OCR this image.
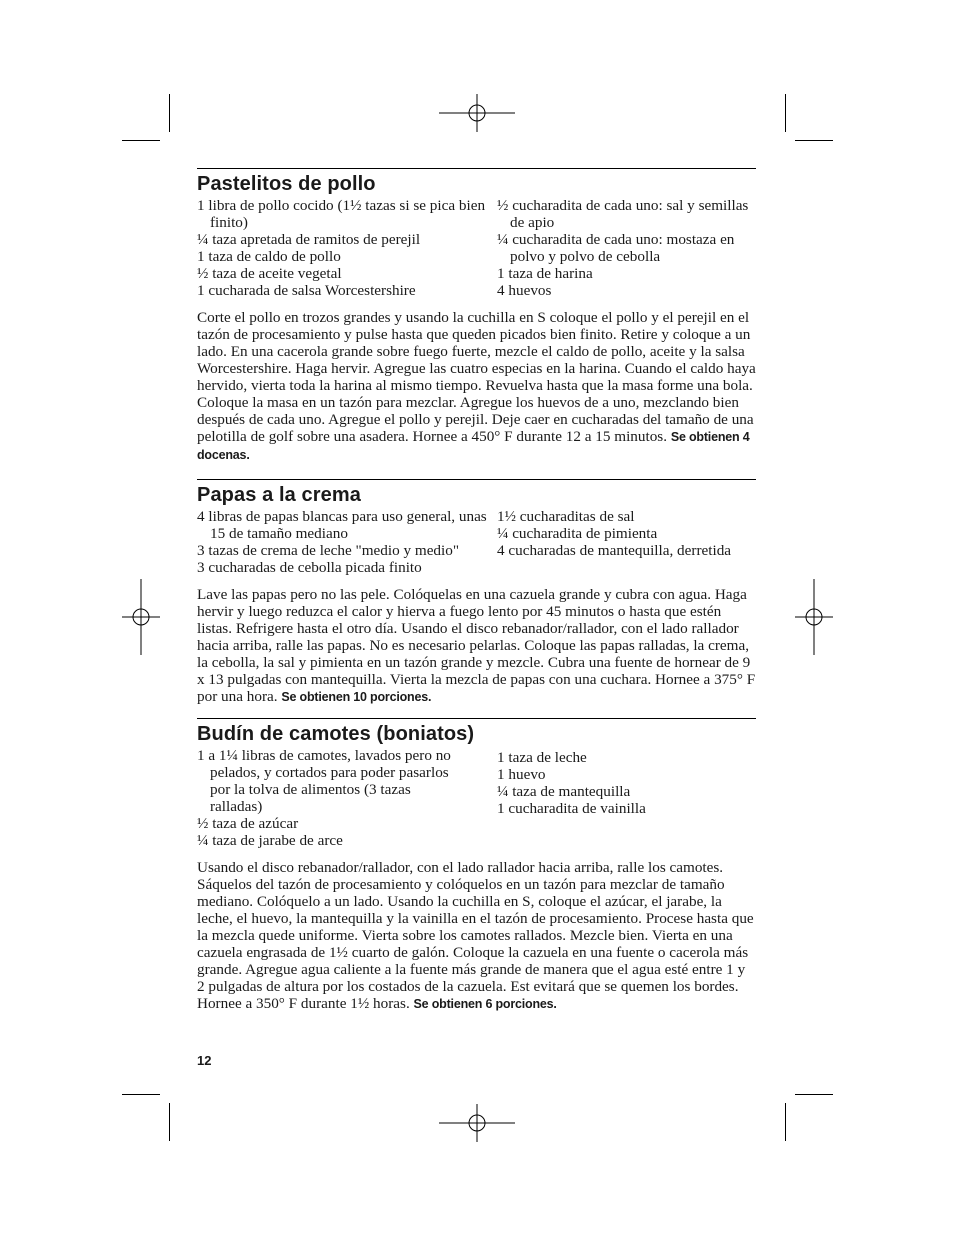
Pastelitos de pollo
1 libra de pollo cocido (1½ tazas si se pica bien finito)
¼ taza apretada de ramitos de perejil
1 taza de caldo de pollo
½ taza de aceite vegetal
1 cucharada de salsa Worcestershire
½ cucharadita de cada uno: sal y semillas de apio
¼ cucharadita de cada uno: mostaza en polvo y polvo de cebolla
1 taza de harina
4 huevos

Corte el pollo en trozos grandes y usando la cuchilla en S coloque el pollo y el perejil en el tazón de procesamiento y pulse hasta que queden picados bien finito. Retire y coloque a un lado. En una cacerola grande sobre fuego fuerte, mezcle el caldo de pollo, aceite y la salsa Worcestershire. Haga hervir. Agregue las cuatro especias en la harina. Cuando el caldo haya hervido, vierta toda la harina al mismo tiempo. Revuelva hasta que la masa forme una bola. Coloque la masa en un tazón para mezclar. Agregue los huevos de a uno, mezclando bien después de cada uno. Agregue el pollo y perejil. Deje caer en cucharadas del tamaño de una pelotilla de golf sobre una asadera. Hornee a 450° F durante 12 a 15 minutos. Se obtienen 4 docenas.

Papas a la crema
4 libras de papas blancas para uso general, unas 15 de tamaño mediano
3 tazas de crema de leche "medio y medio"
3 cucharadas de cebolla picada finito
1½ cucharaditas de sal
¼ cucharadita de pimienta
4 cucharadas de mantequilla, derretida

Lave las papas pero no las pele. Colóquelas en una cazuela grande y cubra con agua. Haga hervir y luego reduzca el calor y hierva a fuego lento por 45 minutos o hasta que estén listas. Refrigere hasta el otro día. Usando el disco rebanador/rallador, con el lado rallador hacia arriba, ralle las papas. No es necesario pelarlas. Coloque las papas ralladas, la crema, la cebolla, la sal y pimienta en un tazón grande y mezcle. Cubra una fuente de hornear de 9 x 13 pulgadas con mantequilla. Vierta la mezcla de papas con una cuchara. Hornee a 375° F por una hora. Se obtienen 10 porciones.

Budín de camotes (boniatos)
1 a 1¼ libras de camotes, lavados pero no pelados, y cortados para poder pasarlos por la tolva de alimentos (3 tazas ralladas)
½ taza de azúcar
¼ taza de jarabe de arce
1 taza de leche
1 huevo
¼ taza de mantequilla
1 cucharadita de vainilla

Usando el disco rebanador/rallador, con el lado rallador hacia arriba, ralle los camotes. Sáquelos del tazón de procesamiento y colóquelos en un tazón para mezclar de tamaño mediano. Colóquelo a un lado. Usando la cuchilla en S, coloque el azúcar, el jarabe, la leche, el huevo, la mantequilla y la vainilla en el tazón de procesamiento. Procese hasta que la mezcla quede uniforme. Vierta sobre los camotes rallados. Mezcle bien. Vierta en una cazuela engrasada de 1½ cuarto de galón. Coloque la cazuela en una fuente o cacerola más grande. Agregue agua caliente a la fuente más grande de manera que el agua esté entre 1 y 2 pulgadas de altura por los costados de la cazuela. Est evitará que se quemen los bordes. Hornee a 350° F durante 1½ horas. Se obtienen 6 porciones.

12
